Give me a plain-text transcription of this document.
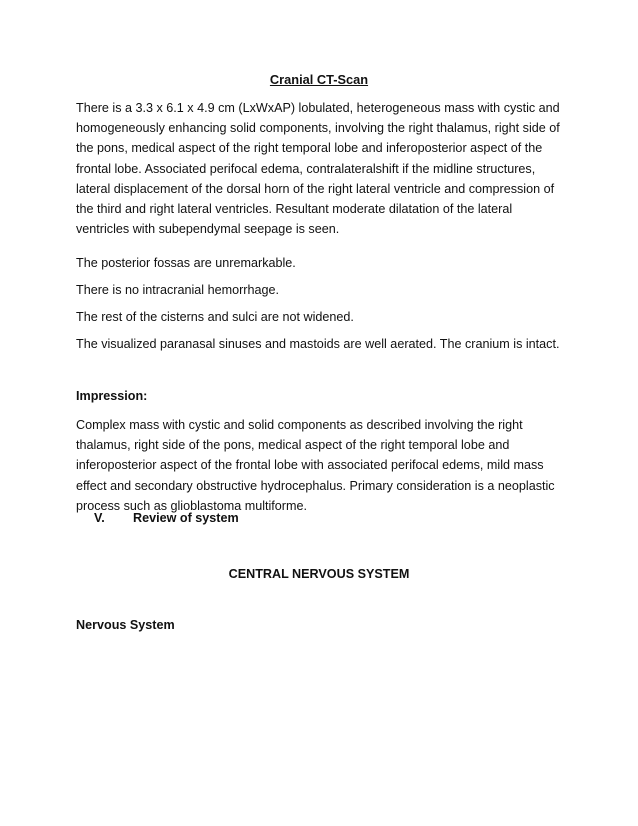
Cranial CT-Scan

There is a 3.3 x 6.1 x 4.9 cm (LxWxAP) lobulated, heterogeneous mass with cystic and homogeneously enhancing solid components, involving the right thalamus, right side of the pons, medical aspect of the right temporal lobe and inferoposterior aspect of the frontal lobe. Associated perifocal edema, contralateralshift if the midline structures, lateral displacement of the dorsal horn of the right lateral ventricle and compression of the third and right lateral ventricles. Resultant moderate dilatation of the lateral ventricles with subependymal seepage is seen.

The posterior fossas are unremarkable.
There is no intracranial hemorrhage.
The rest of the cisterns and sulci are not widened.
The visualized paranasal sinuses and mastoids are well aerated. The cranium is intact.
Impression:

Complex mass with cystic and solid components as described involving the right thalamus, right side of the pons, medical aspect of the right temporal lobe and inferoposterior aspect of the frontal lobe with associated perifocal edems, mild mass effect and secondary obstructive hydrocephalus. Primary consideration is a neoplastic process such as glioblastoma multiforme.

V. Review of system
CENTRAL NERVOUS SYSTEM
Nervous System
